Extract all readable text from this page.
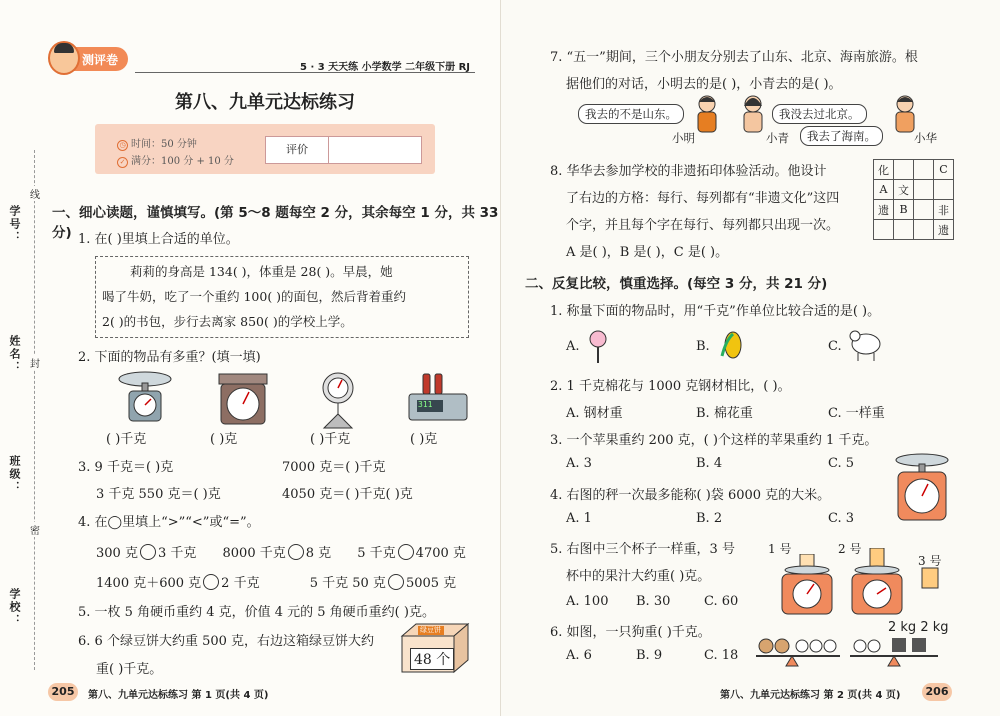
学号：
姓名：
班级：
学校：
线
封
密
测评卷
5 · 3 天天练 小学数学 二年级下册 RJ
第八、九单元达标练习
◷ 时间：50 分钟
✓ 满分：100 分 + 10 分
评价
一、细心读题，谨慎填写。(第 5～8 题每空 2 分，其余每空 1 分，共 33 分) 1. 在( )里填上合适的单位。
莉莉的身高是 134( )，体重是 28( )。早晨，她
喝了牛奶，吃了一个重约 100( )的面包，然后背着重约
2( )的书包，步行去离家 850( )的学校上学。
2. 下面的物品有多重？(填一填)
311
( )千克	( )克	( )千克	( )克
3. 9 千克＝( )克	7000 克＝( )千克
3 千克 550 克＝( )克	4050 克＝( )千克( )克
4. 在◯里填上“>”“<”或“=”。
300 克 3 千克 8000 千克 8 克 5 千克 4700 克
1400 克＋600 克 2 千克	5 千克 50 克 5005 克
5. 一枚 5 角硬币重约 4 克，价值 4 元的 5 角硬币重约( )克。
6. 6 个绿豆饼大约重 500 克，右边这箱绿豆饼大约
重( )千克。
绿豆饼
48 个
205	第八、九单元达标练习 第 1 页(共 4 页)
7. “五一”期间，三个小朋友分别去了山东、北京、海南旅游。根
据他们的对话，小明去的是( )，小青去的是( )。
我去的不是山东。	我没去过北京。
我去了海南。
小明	小青	小华
8. 华华去参加学校的非遗拓印体验活动。他设计
了右边的方格：每行、每列都有“非遗文化”这四
个字，并且每个字在每行、每列都只出现一次。
A 是( )，B 是( )，C 是( )。
化			C
A	文		
遗	B		非
			遗
二、反复比较，慎重选择。(每空 3 分，共 21 分)
1. 称量下面的物品时，用“千克”作单位比较合适的是( )。
A.	B.	C.
2. 1 千克棉花与 1000 克钢材相比，( )。
A. 钢材重	B. 棉花重	C. 一样重
3. 一个苹果重约 200 克，( )个这样的苹果重约 1 千克。
A. 3	B. 4	C. 5
4. 右图的秤一次最多能称( )袋 6000 克的大米。
A. 1	B. 2	C. 3
5. 右图中三个杯子一样重，3 号
杯中的果汁大约重( )克。
A. 100 B. 30	C. 60
1 号	2 号
3 号
6. 如图，一只狗重( )千克。
A. 6	B. 9	C. 18
2 kg 2 kg
第八、九单元达标练习 第 2 页(共 4 页)	206
